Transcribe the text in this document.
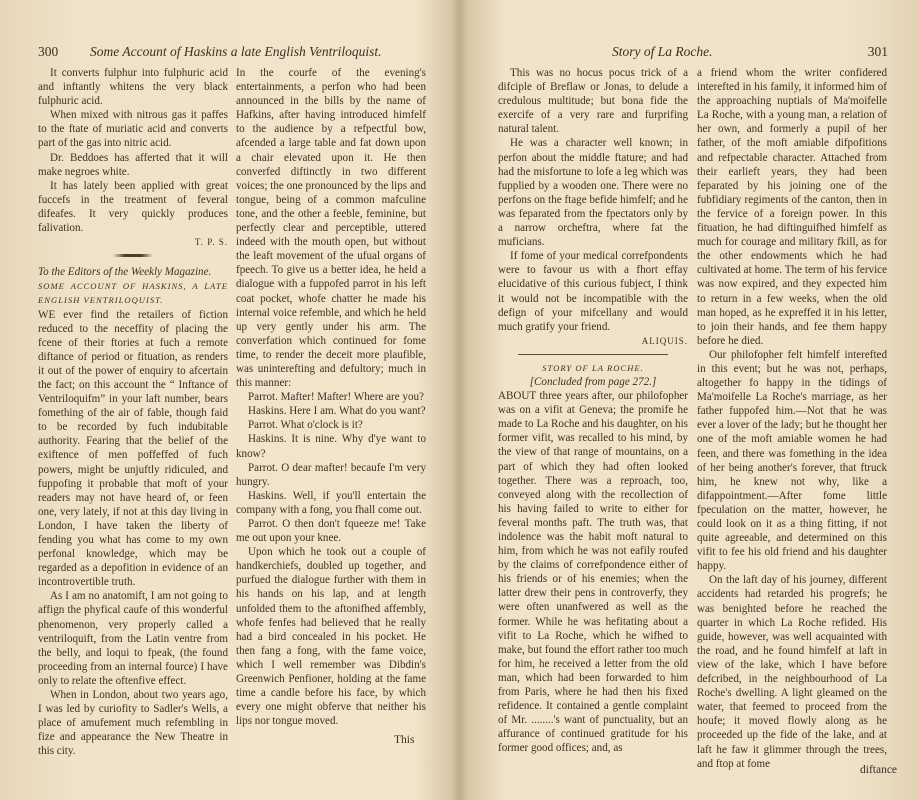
300 Some Account of Haskins a late English Ventriloquist.

It converts fulphur into fulphuric acid and inftantly whitens the very black fulphuric acid.

When mixed with nitrous gas it paffes to the ftate of muriatic acid and converts part of the gas into nitric acid.

Dr. Beddoes has afferted that it will make negroes white.

It has lately been applied with great fuccefs in the treatment of feveral difeafes. It very quickly produces falivation.

T. P. S.

To the Editors of the Weekly Magazine.

SOME ACCOUNT OF HASKINS, A LATE ENGLISH VENTRILOQUIST.

WE ever find the retailers of fiction reduced to the neceffity of placing the fcene of their ftories at fuch a remote diftance of period or fituation, as renders it out of the power of enquiry to afcertain the fact; on this account the “ Inftance of Ventriloquifm” in your laft number, bears fomething of the air of fable, though faid to be recorded by fuch indubitable authority. Fearing that the belief of the exiftence of men poffeffed of fuch powers, might be unjuftly ridiculed, and fuppofing it probable that moft of your readers may not have heard of, or feen one, very lately, if not at this day living in London, I have taken the liberty of fending you what has come to my own perfonal knowledge, which may be regarded as a depofition in evidence of an incontrovertible truth.

As I am no anatomift, I am not going to affign the phyfical caufe of this wonderful phenomenon, very properly called a ventriloquift, from the Latin ventre from the belly, and loqui to fpeak, (the found proceeding from an internal fource) I have only to relate the oftenfive effect.

When in London, about two years ago, I was led by curiofity to Sadler's Wells, a place of amufement much refembling in fize and appearance the New Theatre in this city.

In the courfe of the evening's entertainments, a perfon who had been announced in the bills by the name of Hafkins, after having introduced himfelf to the audience by a refpectful bow, afcended a large table and fat down upon a chair elevated upon it. He then converfed diftinctly in two different voices; the one pronounced by the lips and tongue, being of a common mafculine tone, and the other a feeble, feminine, but perfectly clear and perceptible, uttered indeed with the mouth open, but without the leaft movement of the ufual organs of fpeech. To give us a better idea, he held a dialogue with a fuppofed parrot in his left coat pocket, whofe chatter he made his internal voice refemble, and which he held up very gently under his arm. The converfation which continued for fome time, to render the deceit more plaufible, was uninterefting and defultory; much in this manner:

Parrot. Mafter! Mafter! Where are you?

Haskins. Here I am. What do you want?

Parrot. What o'clock is it?

Haskins. It is nine. Why d'ye want to know?

Parrot. O dear mafter! becaufe I'm very hungry.

Haskins. Well, if you'll entertain the company with a fong, you fhall come out.

Parrot. O then don't fqueeze me! Take me out upon your knee.

Upon which he took out a couple of handkerchiefs, doubled up together, and purfued the dialogue further with them in his hands on his lap, and at length unfolded them to the aftonifhed affembly, whofe fenfes had believed that he really had a bird concealed in his pocket. He then fang a fong, with the fame voice, which I well remember was Dibdin's Greenwich Penfioner, holding at the fame time a candle before his face, by which every one might obferve that neither his lips nor tongue moved.

This
Story of La Roche.	301

This was no hocus pocus trick of a difciple of Breflaw or Jonas, to delude a credulous multitude; but bona fide the exercife of a very rare and furprifing natural talent.

He was a character well known; in perfon about the middle ftature; and had had the misfortune to lofe a leg which was fupplied by a wooden one. There were no perfons on the ftage befide himfelf; and he was feparated from the fpectators only by a narrow orcheftra, where fat the muficians.

If fome of your medical correfpondents were to favour us with a fhort effay elucidative of this curious fubject, I think it would not be incompatible with the defign of your mifcellany and would much gratify your friend.

ALIQUIS.

STORY OF LA ROCHE.

[Concluded from page 272.]

ABOUT three years after, our philofopher was on a vifit at Geneva; the promife he made to La Roche and his daughter, on his former vifit, was recalled to his mind, by the view of that range of mountains, on a part of which they had often looked together. There was a reproach, too, conveyed along with the recollection of his having failed to write to either for feveral months paft. The truth was, that indolence was the habit moft natural to him, from which he was not eafily roufed by the claims of correfpondence either of his friends or of his enemies; when the latter drew their pens in controverfy, they were often unanfwered as well as the former. While he was hefitating about a vifit to La Roche, which he wifhed to make, but found the effort rather too much for him, he received a letter from the old man, which had been forwarded to him from Paris, where he had then his fixed refidence. It contained a gentle complaint of Mr. ........'s want of punctuality, but an affurance of continued gratitude for his former good offices; and, as

a friend whom the writer confidered interefted in his family, it informed him of the approaching nuptials of Ma'moifelle La Roche, with a young man, a relation of her own, and formerly a pupil of her father, of the moft amiable difpofitions and refpectable character. Attached from their earlieft years, they had been feparated by his joining one of the fubfidiary regiments of the canton, then in the fervice of a foreign power. In this fituation, he had diftinguifhed himfelf as much for courage and military fkill, as for the other endowments which he had cultivated at home. The term of his fervice was now expired, and they expected him to return in a few weeks, when the old man hoped, as he expreffed it in his letter, to join their hands, and fee them happy before he died.

Our philofopher felt himfelf interefted in this event; but he was not, perhaps, altogether fo happy in the tidings of Ma'moifelle La Roche's marriage, as her father fuppofed him.—Not that he was ever a lover of the lady; but he thought her one of the moft amiable women he had feen, and there was fomething in the idea of her being another's forever, that ftruck him, he knew not why, like a difappointment.—After fome little fpeculation on the matter, however, he could look on it as a thing fitting, if not quite agreeable, and determined on this vifit to fee his old friend and his daughter happy.

On the laft day of his journey, different accidents had retarded his progrefs; he was benighted before he reached the quarter in which La Roche refided. His guide, however, was well acquainted with the road, and he found himfelf at laft in view of the lake, which I have before defcribed, in the neighbourhood of La Roche's dwelling. A light gleamed on the water, that feemed to proceed from the houfe; it moved flowly along as he proceeded up the fide of the lake, and at laft he faw it glimmer through the trees, and ftop at fome

diftance
